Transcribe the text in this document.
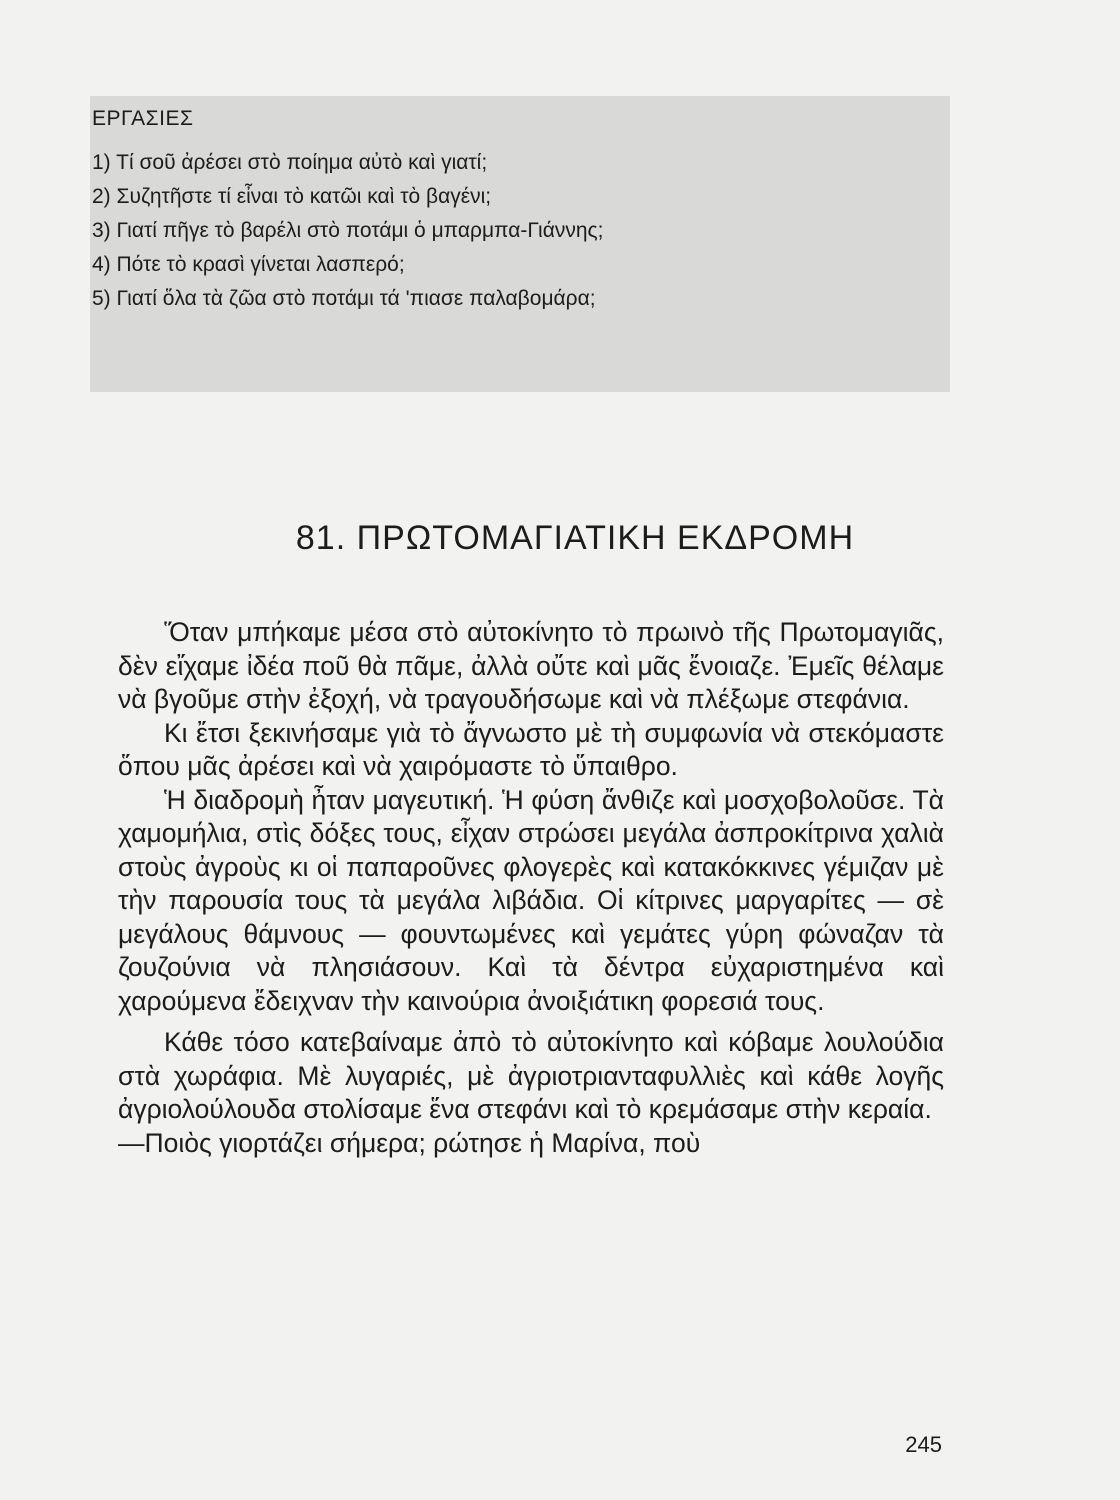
ΕΡΓΑΣΙΕΣ
1) Τί σοῦ ἀρέσει στὸ ποίημα αὐτὸ καὶ γιατί;
2) Συζητῆστε τί εἶναι τὸ κατῶι καὶ τὸ βαγένι;
3) Γιατί πῆγε τὸ βαρέλι στὸ ποτάμι ὁ μπαρμπα-Γιάννης;
4) Πότε τὸ κρασὶ γίνεται λασπερό;
5) Γιατί ὅλα τὰ ζῶα στὸ ποτάμι τά 'πιασε παλαβομάρα;
81. ΠΡΩΤΟΜΑΓΙΑΤΙΚΗ ΕΚΔΡΟΜΗ

Ὅταν μπήκαμε μέσα στὸ αὐτοκίνητο τὸ πρωινὸ τῆς Πρωτομαγιᾶς, δὲν εἴχαμε ἰδέα ποῦ θὰ πᾶμε, ἀλλὰ οὔτε καὶ μᾶς ἔνοιαζε. Ἐμεῖς θέλαμε νὰ βγοῦμε στὴν ἐξοχή, νὰ τραγουδήσωμε καὶ νὰ πλέξωμε στεφάνια.

Κι ἔτσι ξεκινήσαμε γιὰ τὸ ἄγνωστο μὲ τὴ συμφωνία νὰ στεκόμαστε ὅπου μᾶς ἀρέσει καὶ νὰ χαιρόμαστε τὸ ὕπαιθρο.

Ἡ διαδρομὴ ἦταν μαγευτική. Ἡ φύση ἄνθιζε καὶ μοσχοβολοῦσε. Τὰ χαμομήλια, στὶς δόξες τους, εἶχαν στρώσει μεγάλα ἀσπροκίτρινα χαλιὰ στοὺς ἀγροὺς κι οἱ παπαροῦνες φλογερὲς καὶ κατακόκκινες γέμιζαν μὲ τὴν παρουσία τους τὰ μεγάλα λιβάδια. Οἱ κίτρινες μαργαρίτες — σὲ μεγάλους θάμνους — φουντωμένες καὶ γεμάτες γύρη φώναζαν τὰ ζουζούνια νὰ πλησιάσουν. Καὶ τὰ δέντρα εὐχαριστημένα καὶ χαρούμενα ἔδειχναν τὴν καινούρια ἀνοιξιάτικη φορεσιά τους.

Κάθε τόσο κατεβαίναμε ἀπὸ τὸ αὐτοκίνητο καὶ κόβαμε λουλούδια στὰ χωράφια. Μὲ λυγαριές, μὲ ἀγριοτριανταφυλλιὲς καὶ κάθε λογῆς ἀγριολούλουδα στολίσαμε ἕνα στεφάνι καὶ τὸ κρεμάσαμε στὴν κεραία.

—Ποιὸς γιορτάζει σήμερα; ρώτησε ἡ Μαρίνα, ποὺ

245
